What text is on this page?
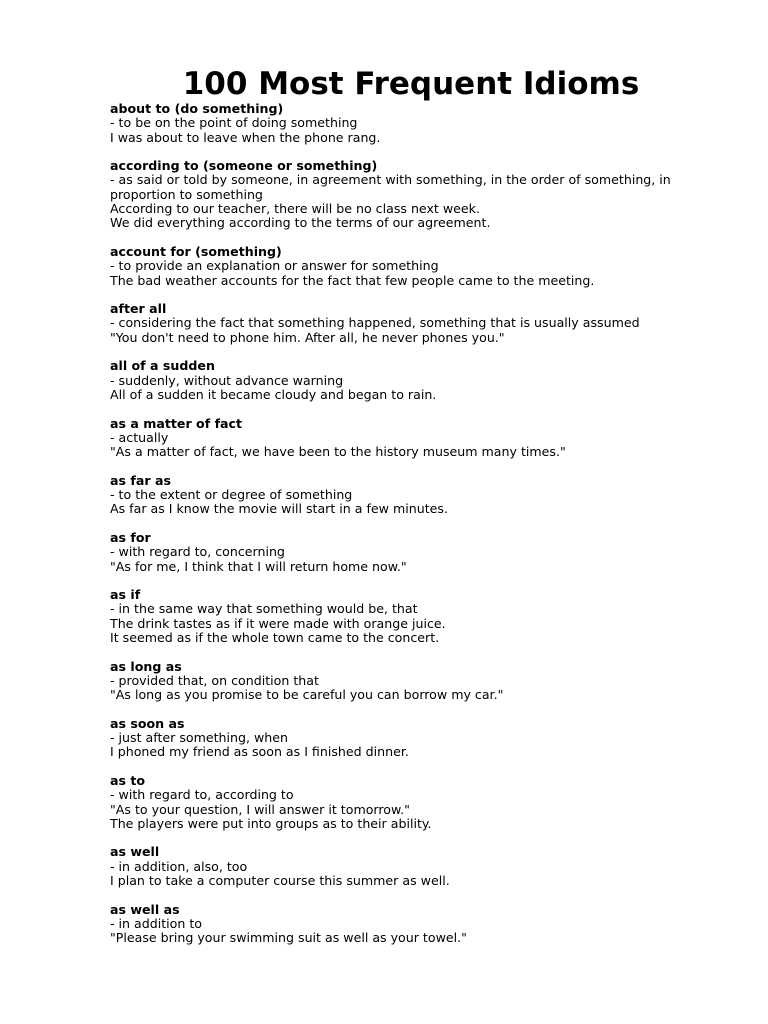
100 Most Frequent Idioms
about to (do something)
- to be on the point of doing something
I was about to leave when the phone rang.
according to (someone or something)
- as said or told by someone, in agreement with something, in the order of something, in proportion to something
According to our teacher, there will be no class next week.
We did everything according to the terms of our agreement.
account for (something)
- to provide an explanation or answer for something
The bad weather accounts for the fact that few people came to the meeting.
after all
- considering the fact that something happened, something that is usually assumed
"You don't need to phone him. After all, he never phones you."
all of a sudden
- suddenly, without advance warning
All of a sudden it became cloudy and began to rain.
as a matter of fact
- actually
"As a matter of fact, we have been to the history museum many times."
as far as
- to the extent or degree of something
As far as I know the movie will start in a few minutes.
as for
- with regard to, concerning
"As for me, I think that I will return home now."
as if
- in the same way that something would be, that
The drink tastes as if it were made with orange juice.
It seemed as if the whole town came to the concert.
as long as
- provided that, on condition that
"As long as you promise to be careful you can borrow my car."
as soon as
- just after something, when
I phoned my friend as soon as I finished dinner.
as to
- with regard to, according to
"As to your question, I will answer it tomorrow."
The players were put into groups as to their ability.
as well
- in addition, also, too
I plan to take a computer course this summer as well.
as well as
- in addition to
"Please bring your swimming suit as well as your towel."
